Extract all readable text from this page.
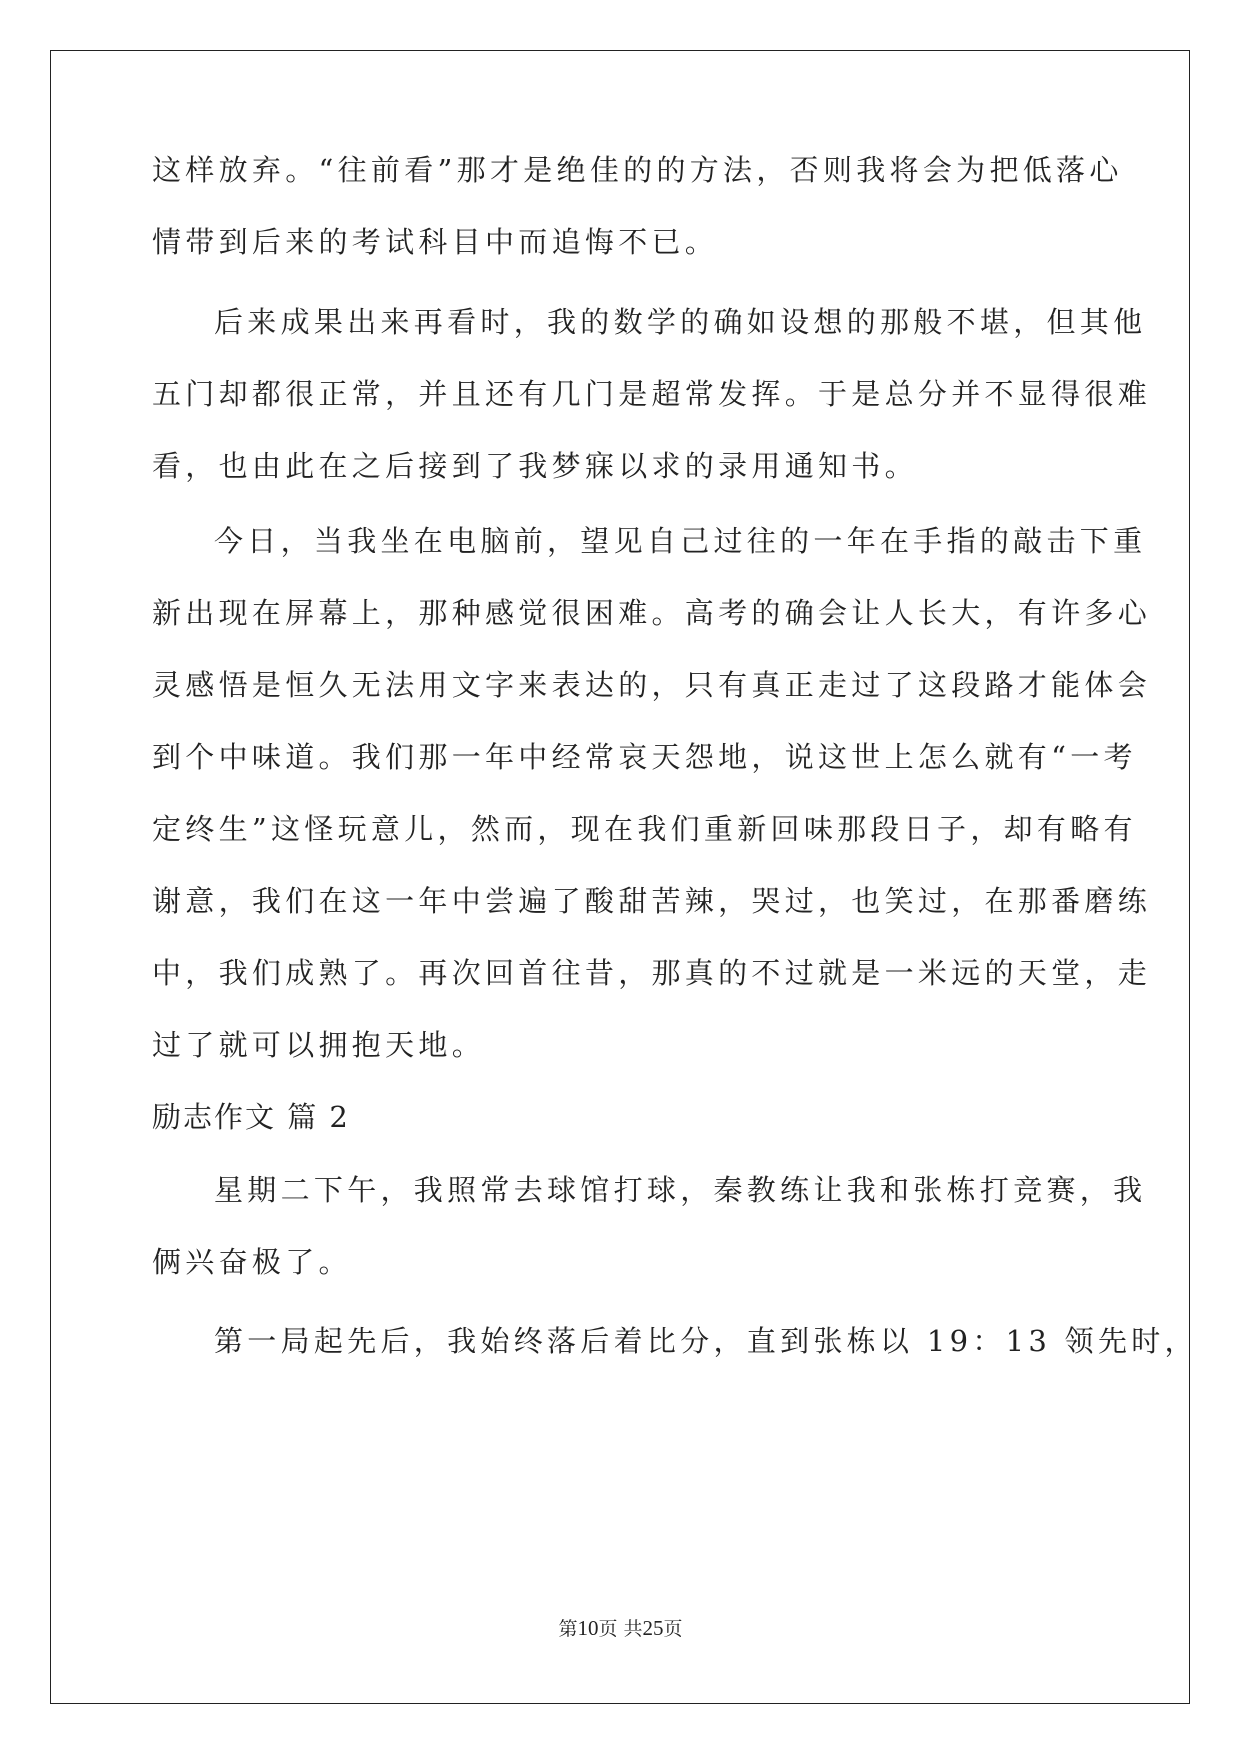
这样放弃。“往前看”那才是绝佳的的方法，否则我将会为把低落心
情带到后来的考试科目中而追悔不已。
后来成果出来再看时，我的数学的确如设想的那般不堪，但其他
五门却都很正常，并且还有几门是超常发挥。于是总分并不显得很难
看，也由此在之后接到了我梦寐以求的录用通知书。
今日，当我坐在电脑前，望见自己过往的一年在手指的敲击下重
新出现在屏幕上，那种感觉很困难。高考的确会让人长大，有许多心
灵感悟是恒久无法用文字来表达的，只有真正走过了这段路才能体会
到个中味道。我们那一年中经常哀天怨地，说这世上怎么就有“一考
定终生”这怪玩意儿，然而，现在我们重新回味那段日子，却有略有
谢意，我们在这一年中尝遍了酸甜苦辣，哭过，也笑过，在那番磨练
中，我们成熟了。再次回首往昔，那真的不过就是一米远的天堂，走
过了就可以拥抱天地。
励志作文 篇 2
星期二下午，我照常去球馆打球，秦教练让我和张栋打竞赛，我
俩兴奋极了。
第一局起先后，我始终落后着比分，直到张栋以 19：13 领先时，
第10页 共25页
